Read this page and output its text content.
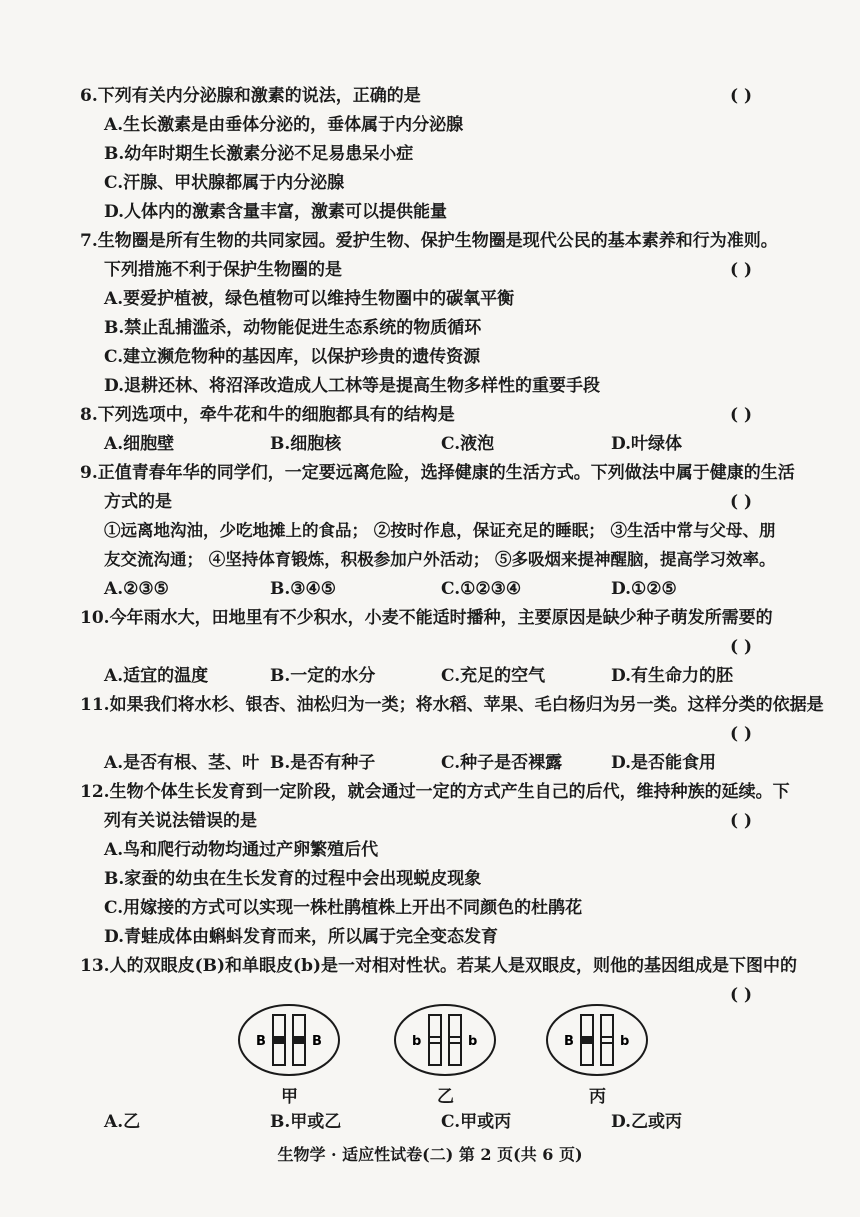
6.下列有关内分泌腺和激素的说法，正确的是	( )
A.生长激素是由垂体分泌的，垂体属于内分泌腺
B.幼年时期生长激素分泌不足易患呆小症
C.汗腺、甲状腺都属于内分泌腺
D.人体内的激素含量丰富，激素可以提供能量
7.生物圈是所有生物的共同家园。爱护生物、保护生物圈是现代公民的基本素养和行为准则。
下列措施不利于保护生物圈的是	( )
A.要爱护植被，绿色植物可以维持生物圈中的碳氧平衡
B.禁止乱捕滥杀，动物能促进生态系统的物质循环
C.建立濒危物种的基因库，以保护珍贵的遗传资源
D.退耕还林、将沼泽改造成人工林等是提高生物多样性的重要手段
8.下列选项中，牵牛花和牛的细胞都具有的结构是	( )
A.细胞壁	B.细胞核	C.液泡	D.叶绿体
9.正值青春年华的同学们，一定要远离危险，选择健康的生活方式。下列做法中属于健康的生活
方式的是	( )
①远离地沟油，少吃地摊上的食品； ②按时作息，保证充足的睡眠； ③生活中常与父母、朋
友交流沟通； ④坚持体育锻炼，积极参加户外活动； ⑤多吸烟来提神醒脑，提高学习效率。
A.②③⑤	B.③④⑤	C.①②③④	D.①②⑤
10.今年雨水大，田地里有不少积水，小麦不能适时播种，主要原因是缺少种子萌发所需要的
( )
A.适宜的温度	B.一定的水分	C.充足的空气	D.有生命力的胚
11.如果我们将水杉、银杏、油松归为一类；将水稻、苹果、毛白杨归为另一类。这样分类的依据是
( )
A.是否有根、茎、叶 B.是否有种子	C.种子是否裸露	D.是否能食用
12.生物个体生长发育到一定阶段，就会通过一定的方式产生自己的后代，维持种族的延续。下
列有关说法错误的是	( )
A.鸟和爬行动物均通过产卵繁殖后代
B.家蚕的幼虫在生长发育的过程中会出现蜕皮现象
C.用嫁接的方式可以实现一株杜鹃植株上开出不同颜色的杜鹃花
D.青蛙成体由蝌蚪发育而来，所以属于完全变态发育
13.人的双眼皮(B)和单眼皮(b)是一对相对性状。若某人是双眼皮，则他的基因组成是下图中的
( )
B	B	b	b	B	b
甲	乙	丙
A.乙	B.甲或乙	C.甲或丙	D.乙或丙
生物学 · 适应性试卷(二) 第 2 页(共 6 页)
